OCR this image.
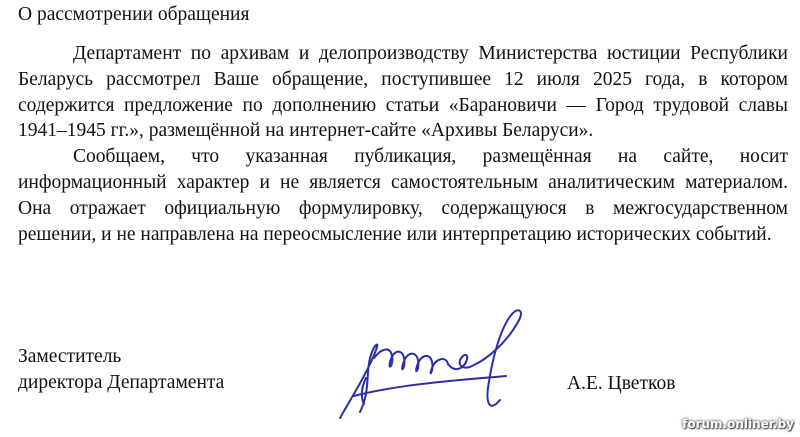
О рассмотрении обращения

Департамент по архивам и делопроизводству Министерства юстиции Республики Беларусь рассмотрел Ваше обращение, поступившее 12 июля 2025 года, в котором содержится предложение по дополнению статьи «Барановичи — Город трудовой славы 1941–1945 гг.», размещённой на интернет-сайте «Архивы Беларуси».

Сообщаем, что указанная публикация, размещённая на сайте, носит информационный характер и не является самостоятельным аналитическим материалом. Она отражает официальную формулировку, содержащуюся в межгосударственном решении, и не направлена на переосмысление или интерпретацию исторических событий.

Заместитель
директора Департамента	А.Е. Цветков
forum.onliner.by
